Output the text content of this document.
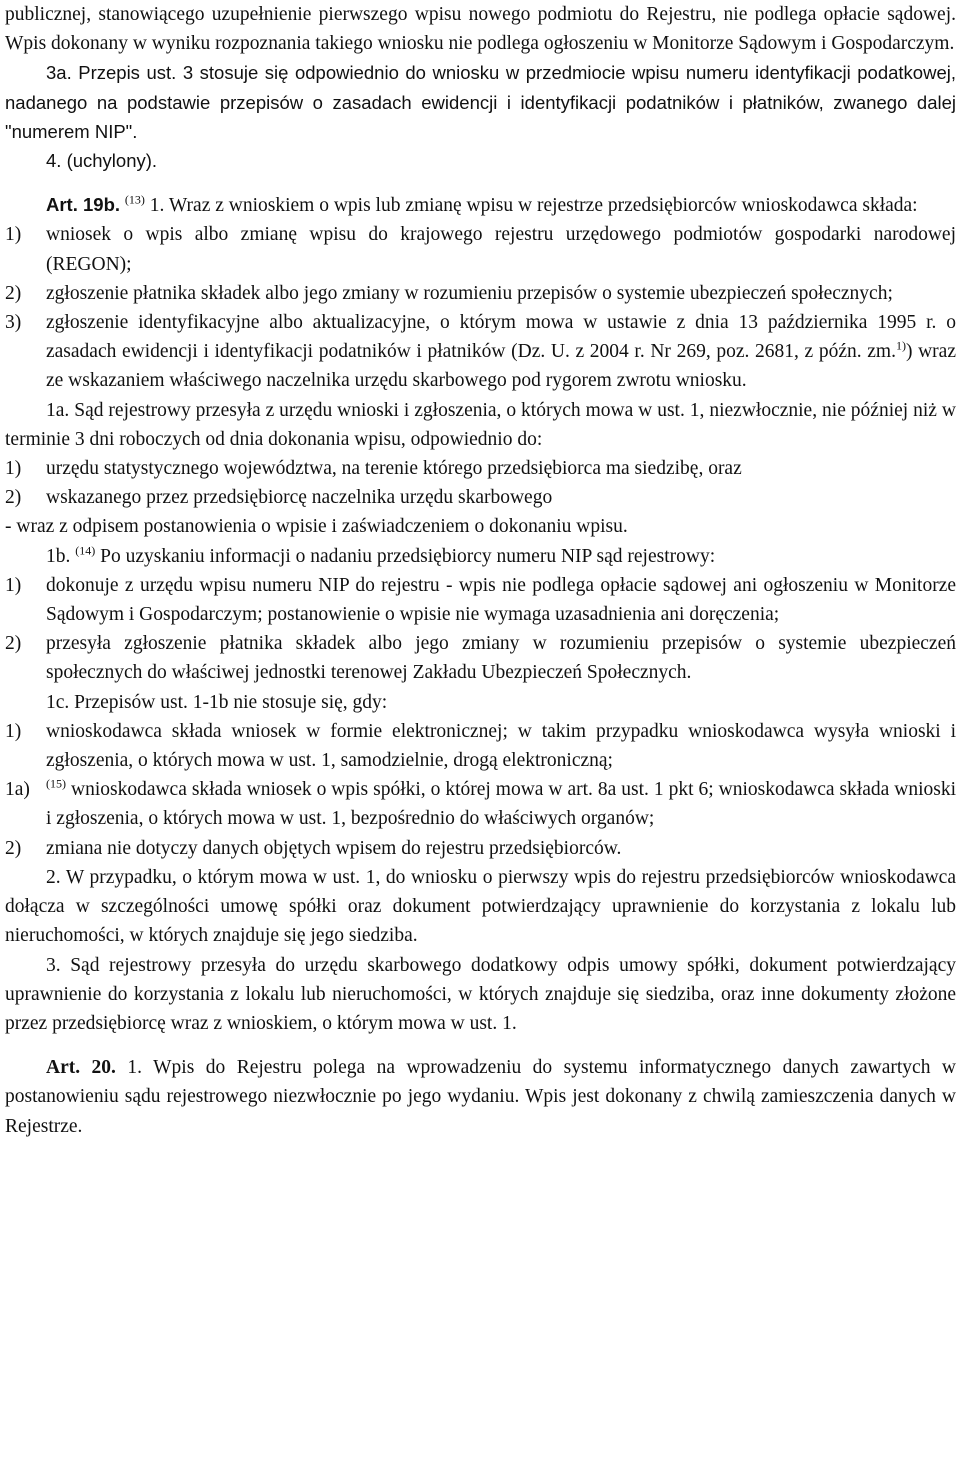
publicznej, stanowiącego uzupełnienie pierwszego wpisu nowego podmiotu do Rejestru, nie podlega opłacie sądowej. Wpis dokonany w wyniku rozpoznania takiego wniosku nie podlega ogłoszeniu w Monitorze Sądowym i Gospodarczym.

3a. Przepis ust. 3 stosuje się odpowiednio do wniosku w przedmiocie wpisu numeru identyfikacji podatkowej, nadanego na podstawie przepisów o zasadach ewidencji i identyfikacji podatników i płatników, zwanego dalej "numerem NIP".

4. (uchylony).

Art. 19b. $^{(13)}$ 1. Wraz z wnioskiem o wpis lub zmianę wpisu w rejestrze przedsiębiorców wnioskodawca składa:

1)	wniosek o wpis albo zmianę wpisu do krajowego rejestru urzędowego podmiotów gospodarki narodowej (REGON);
2)	zgłoszenie płatnika składek albo jego zmiany w rozumieniu przepisów o systemie ubezpieczeń społecznych;
3)	zgłoszenie identyfikacyjne albo aktualizacyjne, o którym mowa w ustawie z dnia 13 października 1995 r. o zasadach ewidencji i identyfikacji podatników i płatników (Dz. U. z 2004 r. Nr 269, poz. 2681, z późn. zm.$^{1)}$) wraz ze wskazaniem właściwego naczelnika urzędu skarbowego pod rygorem zwrotu wniosku.

1a. Sąd rejestrowy przesyła z urzędu wnioski i zgłoszenia, o których mowa w ust. 1, niezwłocznie, nie później niż w terminie 3 dni roboczych od dnia dokonania wpisu, odpowiednio do:

1)	urzędu statystycznego województwa, na terenie którego przedsiębiorca ma siedzibę, oraz
2)	wskazanego przez przedsiębiorcę naczelnika urzędu skarbowego

- wraz z odpisem postanowienia o wpisie i zaświadczeniem o dokonaniu wpisu.

1b. $^{(14)}$ Po uzyskaniu informacji o nadaniu przedsiębiorcy numeru NIP sąd rejestrowy:

1)	dokonuje z urzędu wpisu numeru NIP do rejestru - wpis nie podlega opłacie sądowej ani ogłoszeniu w Monitorze Sądowym i Gospodarczym; postanowienie o wpisie nie wymaga uzasadnienia ani doręczenia;
2)	przesyła zgłoszenie płatnika składek albo jego zmiany w rozumieniu przepisów o systemie ubezpieczeń społecznych do właściwej jednostki terenowej Zakładu Ubezpieczeń Społecznych.

1c. Przepisów ust. 1-1b nie stosuje się, gdy:

1)	wnioskodawca składa wniosek w formie elektronicznej; w takim przypadku wnioskodawca wysyła wnioski i zgłoszenia, o których mowa w ust. 1, samodzielnie, drogą elektroniczną;
1a)	$^{(15)}$ wnioskodawca składa wniosek o wpis spółki, o której mowa w art. 8a ust. 1 pkt 6; wnioskodawca składa wnioski i zgłoszenia, o których mowa w ust. 1, bezpośrednio do właściwych organów;
2)	zmiana nie dotyczy danych objętych wpisem do rejestru przedsiębiorców.

2. W przypadku, o którym mowa w ust. 1, do wniosku o pierwszy wpis do rejestru przedsiębiorców wnioskodawca dołącza w szczególności umowę spółki oraz dokument potwierdzający uprawnienie do korzystania z lokalu lub nieruchomości, w których znajduje się jego siedziba.

3. Sąd rejestrowy przesyła do urzędu skarbowego dodatkowy odpis umowy spółki, dokument potwierdzający uprawnienie do korzystania z lokalu lub nieruchomości, w których znajduje się siedziba, oraz inne dokumenty złożone przez przedsiębiorcę wraz z wnioskiem, o którym mowa w ust. 1.

Art. 20. 1. Wpis do Rejestru polega na wprowadzeniu do systemu informatycznego danych zawartych w postanowieniu sądu rejestrowego niezwłocznie po jego wydaniu. Wpis jest dokonany z chwilą zamieszczenia danych w Rejestrze.
